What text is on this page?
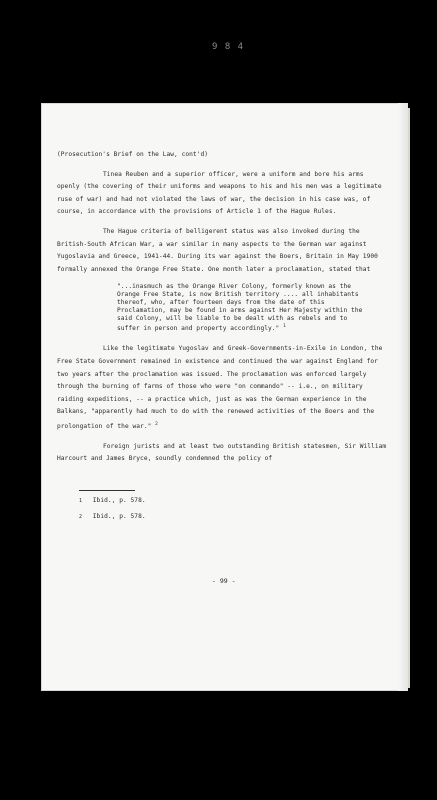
9 8 4
(Prosecution's Brief on the Law, cont'd)

Tinea Reuben and a superior officer, were a uniform and bore his arms openly (the covering of their uniforms and weapons to his and his men was a legitimate ruse of war) and had not violated the laws of war, the decision in his case was, of course, in accordance with the provisions of Article 1 of the Hague Rules.

The Hague criteria of belligerent status was also invoked during the British-South African War, a war similar in many aspects to the German war against Yugoslavia and Greece, 1941-44. During its war against the Boers, Britain in May 1900 formally annexed the Orange Free State. One month later a proclamation, stated that

"...inasmuch as the Orange River Colony, formerly known as the Orange Free State, is now British territory .... all inhabitants thereof, who, after fourteen days from the date of this Proclamation, may be found in arms against Her Majesty within the said Colony, will be liable to be dealt with as rebels and to suffer in person and property accordingly." $^1$

Like the legitimate Yugoslav and Greek-Governments-in-Exile in London, the Free State Government remained in existence and continued the war against England for two years after the proclamation was issued. The proclamation was enforced largely through the burning of farms of those who were "on commando" -- i.e., on military raiding expeditions, -- a practice which, just as was the German experience in the Balkans, "apparently had much to do with the renewed activities of the Boers and the prolongation of the war." $^2$

Foreign jurists and at least two outstanding British statesmen, Sir William Harcourt and James Bryce, soundly condemned the policy of

1 Ibid., p. 578.
2 Ibid., p. 578.
- 99 -
